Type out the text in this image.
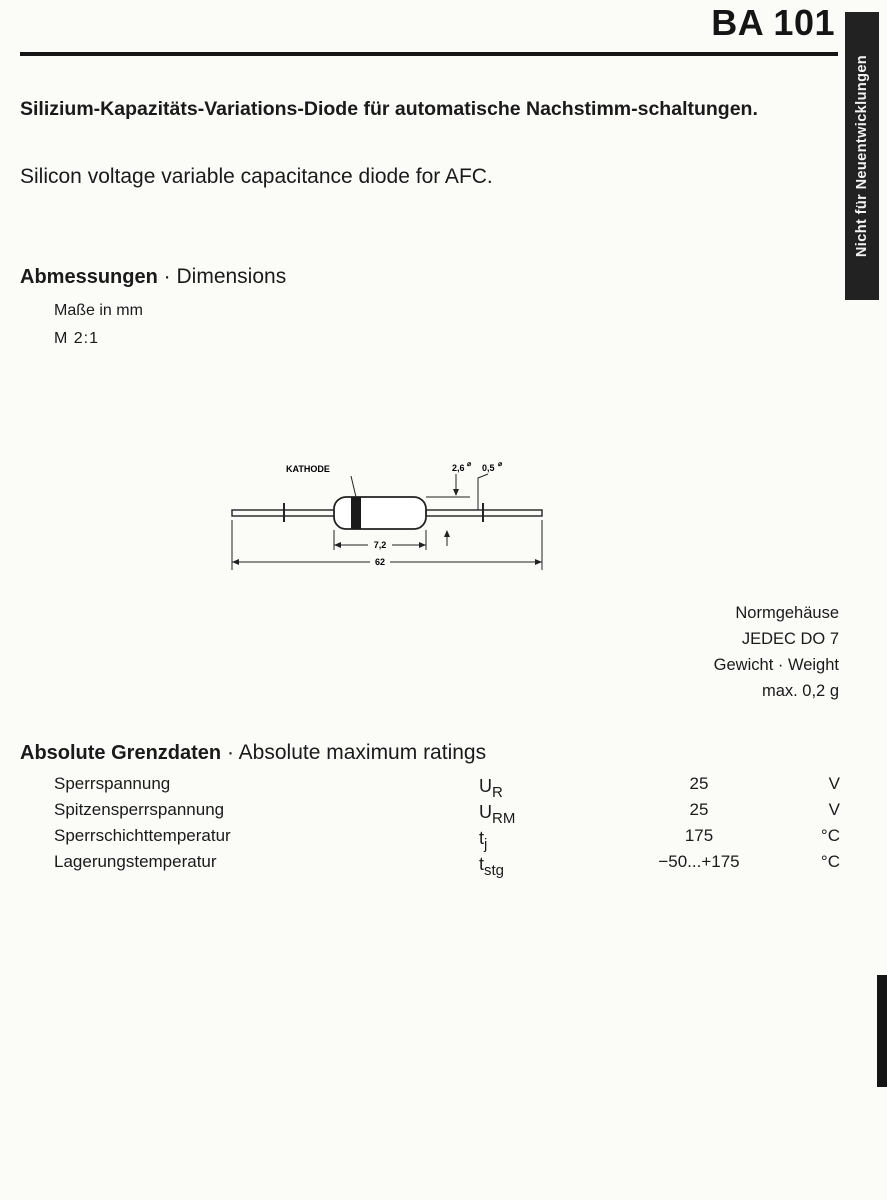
BA 101
Nicht für Neuentwicklungen
Silizium-Kapazitäts-Variations-Diode für automatische Nachstimm-schaltungen.
Silicon voltage variable capacitance diode for AFC.
Abmessungen · Dimensions
Maße in mm
M 2:1
KATHODE	2,6 ⌀ 0,5 ⌀
7,2
62
Normgehäuse
JEDEC DO 7
Gewicht · Weight
max. 0,2 g
Absolute Grenzdaten · Absolute maximum ratings
Sperrspannung	$U_R$	25	V
Spitzensperrspannung	$U_{RM}$	25	V
Sperrschichttemperatur	$t_j$	175	°C
Lagerungstemperatur	$t_{stg}$	−50...+175	°C
